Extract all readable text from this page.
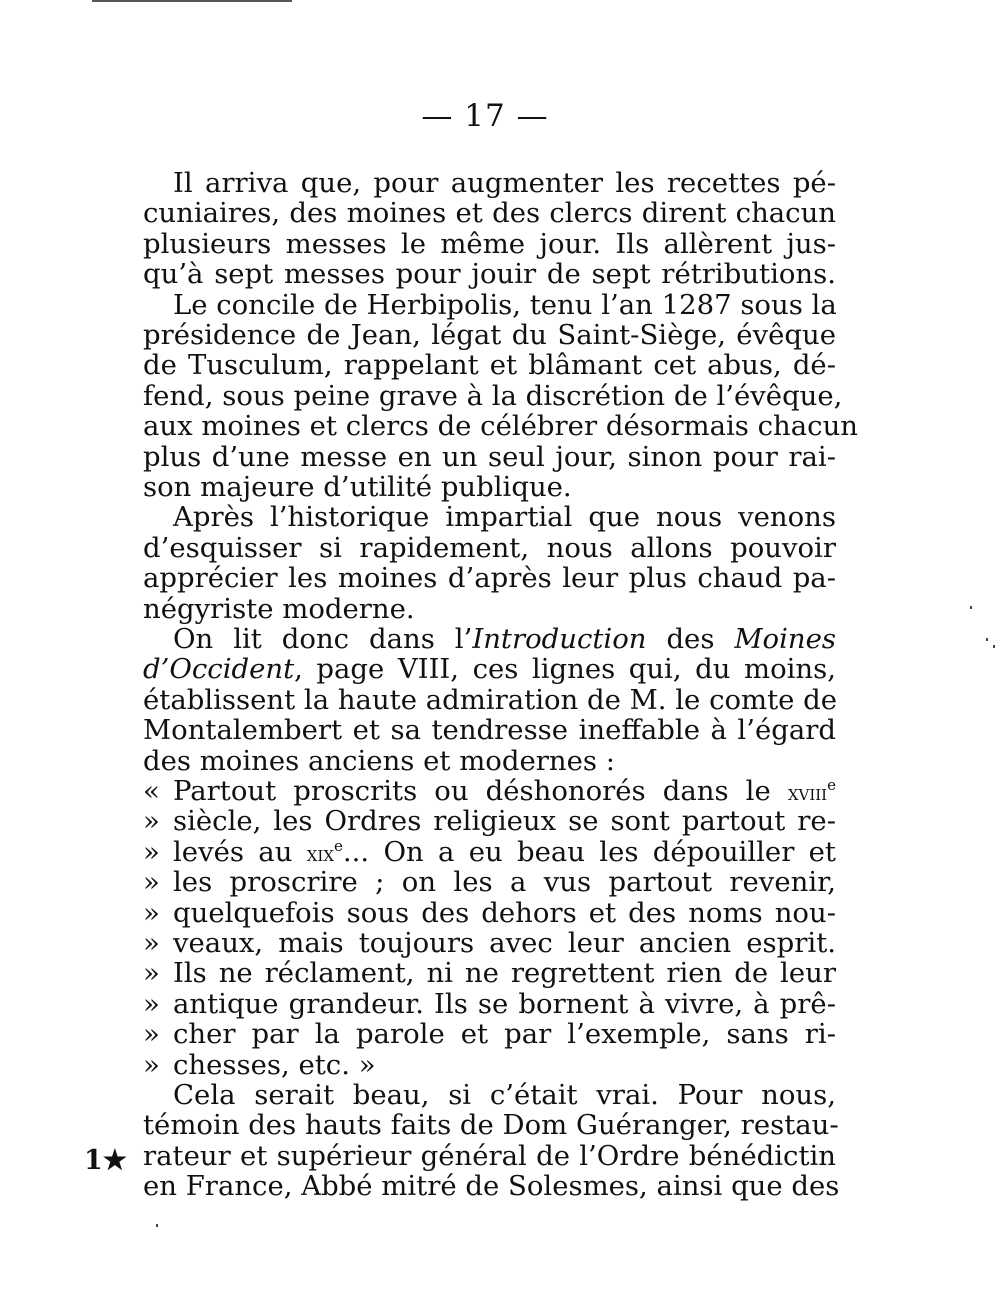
— 17 —
Il arriva que, pour augmenter les recettes pé-
cuniaires, des moines et des clercs dirent chacun
plusieurs messes le même jour. Ils allèrent jus-
qu’à sept messes pour jouir de sept rétributions.
Le concile de Herbipolis, tenu l’an 1287 sous la
présidence de Jean, légat du Saint-Siège, évêque
de Tusculum, rappelant et blâmant cet abus, dé-
fend, sous peine grave à la discrétion de l’évêque,
aux moines et clercs de célébrer désormais chacun
plus d’une messe en un seul jour, sinon pour rai-
son majeure d’utilité publique.
Après l’historique impartial que nous venons
d’esquisser si rapidement, nous allons pouvoir
apprécier les moines d’après leur plus chaud pa-
négyriste moderne.
On lit donc dans l’Introduction des Moines
d’Occident, page VIII, ces lignes qui, du moins,
établissent la haute admiration de M. le comte de
Montalembert et sa tendresse ineffable à l’égard
des moines anciens et modernes :
« Partout proscrits ou déshonorés dans le xviii$^e$
» siècle, les Ordres religieux se sont partout re-
» levés au xix$^e$... On a eu beau les dépouiller et
» les proscrire ; on les a vus partout revenir,
» quelquefois sous des dehors et des noms nou-
» veaux, mais toujours avec leur ancien esprit.
» Ils ne réclament, ni ne regrettent rien de leur
» antique grandeur. Ils se bornent à vivre, à prê-
» cher par la parole et par l’exemple, sans ri-
» chesses, etc. »
Cela serait beau, si c’était vrai. Pour nous,
témoin des hauts faits de Dom Guéranger, restau-
rateur et supérieur général de l’Ordre bénédictin
en France, Abbé mitré de Solesmes, ainsi que des
1★
